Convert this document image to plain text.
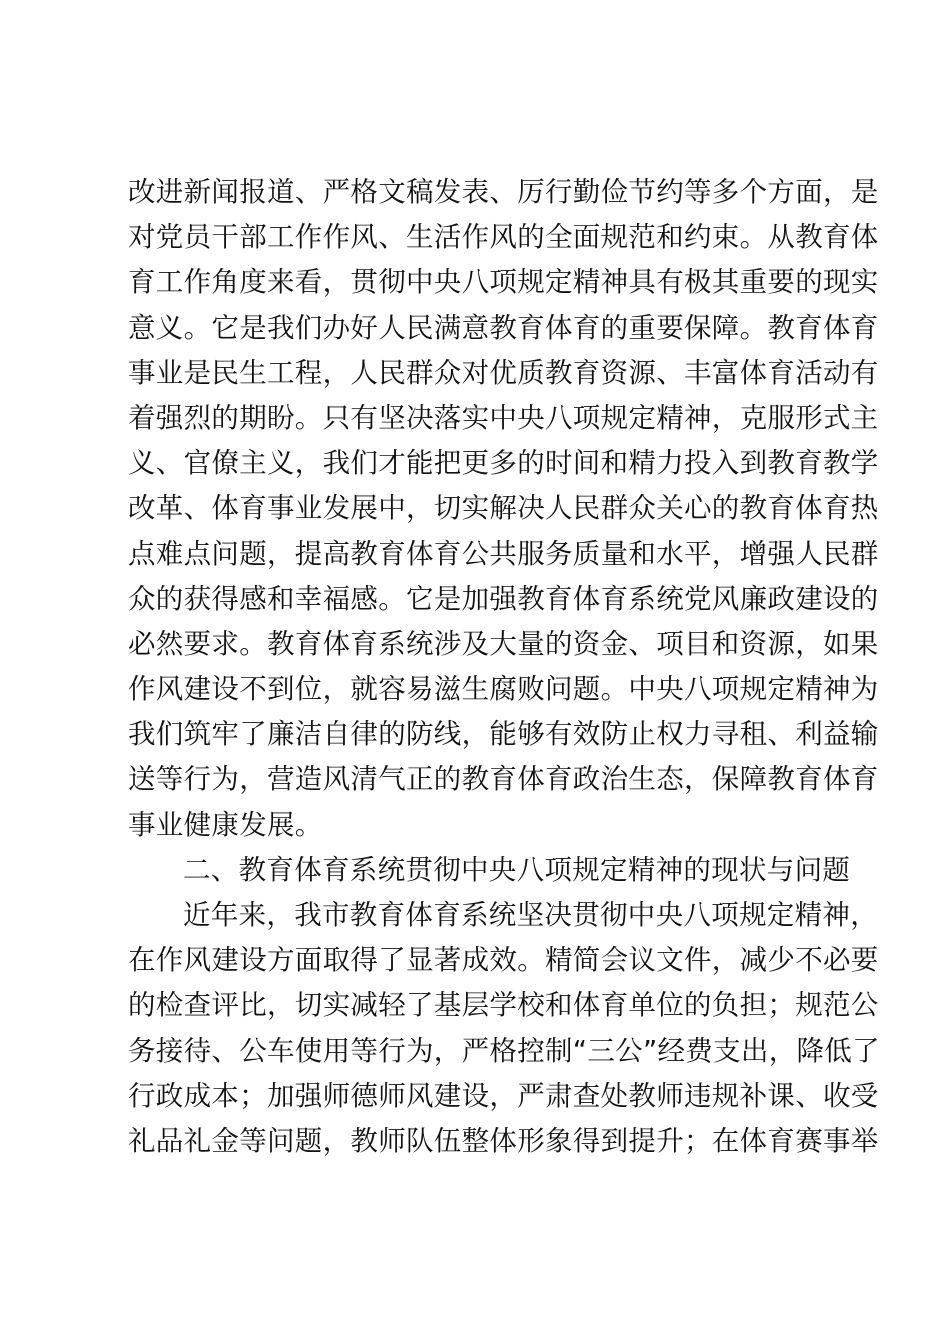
改进新闻报道、严格文稿发表、厉行勤俭节约等多个方面，是
对党员干部工作作风、生活作风的全面规范和约束。从教育体
育工作角度来看，贯彻中央八项规定精神具有极其重要的现实
意义。它是我们办好人民满意教育体育的重要保障。教育体育
事业是民生工程，人民群众对优质教育资源、丰富体育活动有
着强烈的期盼。只有坚决落实中央八项规定精神，克服形式主
义、官僚主义，我们才能把更多的时间和精力投入到教育教学
改革、体育事业发展中，切实解决人民群众关心的教育体育热
点难点问题，提高教育体育公共服务质量和水平，增强人民群
众的获得感和幸福感。它是加强教育体育系统党风廉政建设的
必然要求。教育体育系统涉及大量的资金、项目和资源，如果
作风建设不到位，就容易滋生腐败问题。中央八项规定精神为
我们筑牢了廉洁自律的防线，能够有效防止权力寻租、利益输
送等行为，营造风清气正的教育体育政治生态，保障教育体育
事业健康发展。
二、教育体育系统贯彻中央八项规定精神的现状与问题
近年来，我市教育体育系统坚决贯彻中央八项规定精神，
在作风建设方面取得了显著成效。精简会议文件，减少不必要
的检查评比，切实减轻了基层学校和体育单位的负担；规范公
务接待、公车使用等行为，严格控制“三公”经费支出，降低了
行政成本；加强师德师风建设，严肃查处教师违规补课、收受
礼品礼金等问题，教师队伍整体形象得到提升；在体育赛事举
